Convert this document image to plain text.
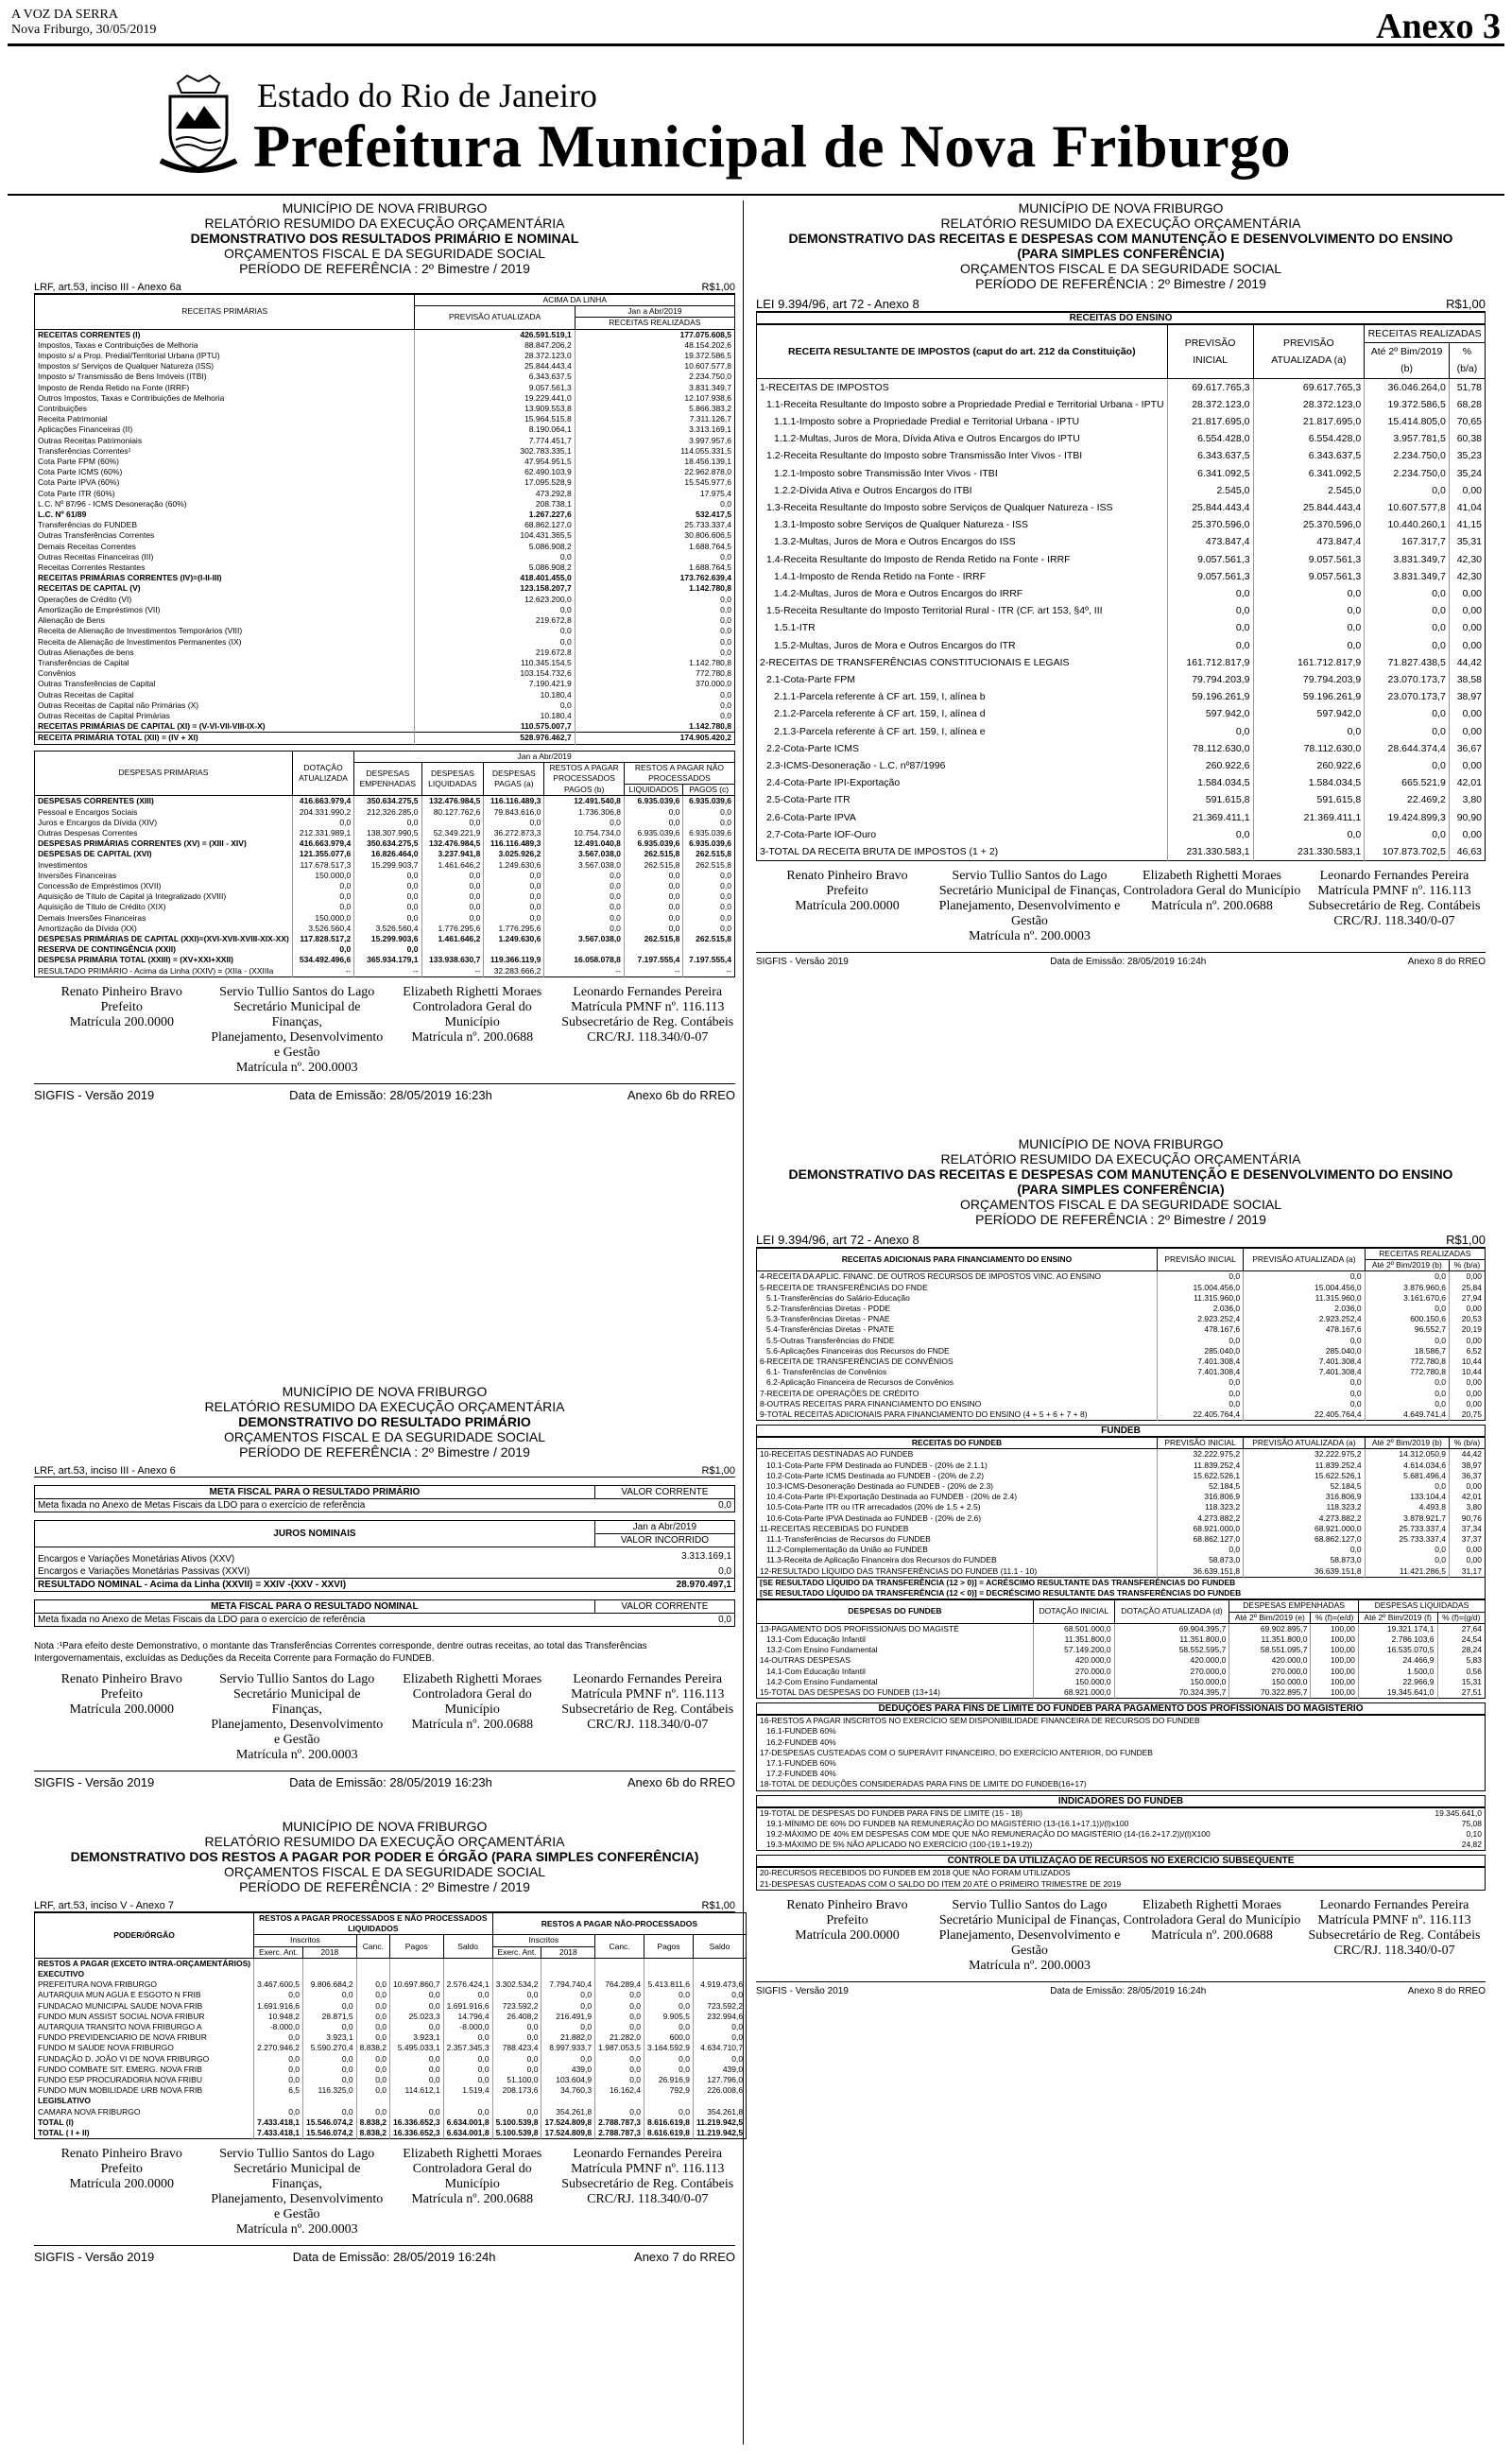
A VOZ DA SERRA
Nova Friburgo, 30/05/2019	Anexo 3
Estado do Rio de Janeiro
Prefeitura Municipal de Nova Friburgo
MUNICÍPIO DE NOVA FRIBURGO
RELATÓRIO RESUMIDO DA EXECUÇÃO ORÇAMENTÁRIA
DEMONSTRATIVO DOS RESULTADOS PRIMÁRIO E NOMINAL
ORÇAMENTOS FISCAL E DA SEGURIDADE SOCIAL
PERÍODO DE REFERÊNCIA : 2º Bimestre / 2019
LRF, art.53, inciso III - Anexo 6a	R$1,00
RECEITAS PRIMÁRIAS	ACIMA DA LINHA	
	PREVISÃO ATUALIZADA	Jan a Abr/2019
		RECEITAS REALIZADAS
RECEITAS CORRENTES (I)	426.591.519,1	177.075.608,5
Impostos, Taxas e Contribuições de Melhoria	88.847.206,2	48.154.202,6
Imposto s/ a Prop. Predial/Territorial Urbana (IPTU)	28.372.123,0	19.372.586,5
Impostos s/ Serviços de Qualquer Natureza (ISS)	25.844.443,4	10.607.577,8
Imposto s/ Transmissão de Bens Imóveis (ITBI)	6.343.637,5	2.234.750,0
Imposto de Renda Retido na Fonte (IRRF)	9.057.561,3	3.831.349,7
Outros Impostos, Taxas e Contribuições de Melhoria	19.229.441,0	12.107.938,6
Contribuições	13.909.553,8	5.866.383,2
Receita Patrimonial	15.964.515,8	7.311.126,7
Aplicações Financeiras (II)	8.190.064,1	3.313.169,1
Outras Receitas Patrimoniais	7.774.451,7	3.997.957,6
Transferências Correntes¹	302.783.335,1	114.055.331,5
Cota Parte FPM (60%)	47.954.951,5	18.456.139,1
Cota Parte ICMS (60%)	62.490.103,9	22.962.878,0
Cota Parte IPVA (60%)	17.095.528,9	15.545.977,6
Cota Parte ITR (60%)	473.292,8	17.975,4
L.C. Nº 87/96 - ICMS Desoneração (60%)	208.738,1	0,0
L.C. Nº 61/89	1.267.227,6	532.417,5
Transferências do FUNDEB	68.862.127,0	25.733.337,4
Outras Transferências Correntes	104.431.365,5	30.806.606,5
Demais Receitas Correntes	5.086.908,2	1.688.764,5
Outras Receitas Financeiras (III)	0,0	0,0
Receitas Correntes Restantes	5.086.908,2	1.688.764,5
RECEITAS PRIMÁRIAS CORRENTES (IV)=(I-II-III)	418.401.455,0	173.762.639,4
RECEITAS DE CAPITAL (V)	123.158.207,7	1.142.780,8
Operações de Crédito (VI)	12.623.200,0	0,0
Amortização de Empréstimos (VII)	0,0	0,0
Alienação de Bens	219.672,8	0,0
Receita de Alienação de Investimentos Temporários (VIII)	0,0	0,0
Receita de Alienação de Investimentos Permanentes (IX)	0,0	0,0
Outras Alienações de bens	219.672,8	0,0
Transferências de Capital	110.345.154,5	1.142.780,8
Convênios	103.154.732,6	772.780,8
Outras Transferências de Capital	7.190.421,9	370.000,0
Outras Receitas de Capital	10.180,4	0,0
Outras Receitas de Capital não Primárias (X)	0,0	0,0
Outras Receitas de Capital Primárias	10.180,4	0,0
RECEITAS PRIMÁRIAS DE CAPITAL (XI) = (V-VI-VII-VIII-IX-X)	110.575.007,7	1.142.780,8
RECEITA PRIMÁRIA TOTAL (XII) = (IV + XI)	528.976.462,7	174.905.420,2
DESPESAS PRIMÁRIAS	DOTAÇÃO ATUALIZADA	Jan a Abr/2019					
		DESPESAS EMPENHADAS	DESPESAS LIQUIDADAS	DESPESAS PAGAS (a)	RESTOS A PAGAR PROCESSADOS PAGOS (b)	RESTOS A PAGAR NÃO PROCESSADOS	
						LIQUIDADOS	PAGOS (c)
DESPESAS CORRENTES (XIII)	416.663.979,4	350.634.275,5	132.476.984,5	116.116.489,3	12.491.540,8	6.935.039,6	6.935.039,6
Pessoal e Encargos Sociais	204.331.990,2	212.326.285,0	80.127.762,6	79.843.616,0	1.736.306,8	0,0	0,0
Juros e Encargos da Dívida (XIV)	0,0	0,0	0,0	0,0	0,0	0,0	0,0
Outras Despesas Correntes	212.331.989,1	138.307.990,5	52.349.221,9	36.272.873,3	10.754.734,0	6.935.039,6	6.935.039,6
DESPESAS PRIMÁRIAS CORRENTES (XV) = (XIII - XIV)	416.663.979,4	350.634.275,5	132.476.984,5	116.116.489,3	12.491.040,8	6.935.039,6	6.935.039,6
DESPESAS DE CAPITAL (XVI)	121.355.077,6	16.826.464,0	3.237.941,8	3.025.926,2	3.567.038,0	262.515,8	262.515,8
Investimentos	117.678.517,3	15.299.903,7	1.461.646,2	1.249.630,6	3.567.038,0	262.515,8	262.515,8
Inversões Financeiras	150.000,0	0,0	0,0	0,0	0,0	0,0	0,0
Concessão de Empréstimos (XVII)	0,0	0,0	0,0	0,0	0,0	0,0	0,0
Aquisição de Título de Capital já Integralizado (XVIII)	0,0	0,0	0,0	0,0	0,0	0,0	0,0
Aquisição de Título de Crédito (XIX)	0,0	0,0	0,0	0,0	0,0	0,0	0,0
Demais Inversões Financeiras	150.000,0	0,0	0,0	0,0	0,0	0,0	0,0
Amortização da Dívida (XX)	3.526.560,4	3.526.560,4	1.776.295,6	1.776.295,6	0,0	0,0	0,0
DESPESAS PRIMÁRIAS DE CAPITAL (XXI)=(XVI-XVII-XVIII-XIX-XX)	117.828.517,2	15.299.903,6	1.461.646,2	1.249.630,6	3.567.038,0	262.515,8	262.515,8
RESERVA DE CONTINGÊNCIA (XXII)	0,0	0,0					
DESPESA PRIMÁRIA TOTAL (XXIII) = (XV+XXI+XXII)	534.492.496,6	365.934.179,1	133.938.630,7	119.366.119,9	16.058.078,8	7.197.555,4	7.197.555,4
RESULTADO PRIMÁRIO - Acima da Linha (XXIV) = (XIIa - (XXIIIa	--	--	--	32.283.666,2	--	--	--
Renato Pinheiro Bravo
Prefeito
Matrícula 200.0000
Servio Tullio Santos do Lago
Secretário Municipal de Finanças,
Planejamento, Desenvolvimento e Gestão
Matrícula nº. 200.0003
Elizabeth Righetti Moraes
Controladora Geral do Município
Matrícula nº. 200.0688
Leonardo Fernandes Pereira
Matrícula PMNF nº. 116.113
Subsecretário de Reg. Contábeis
CRC/RJ. 118.340/0-07
SIGFIS - Versão 2019	Data de Emissão: 28/05/2019 16:23h	Anexo 6b do RREO
MUNICÍPIO DE NOVA FRIBURGO
RELATÓRIO RESUMIDO DA EXECUÇÃO ORÇAMENTÁRIA
DEMONSTRATIVO DO RESULTADO PRIMÁRIO
ORÇAMENTOS FISCAL E DA SEGURIDADE SOCIAL
PERÍODO DE REFERÊNCIA : 2º Bimestre / 2019
LRF, art.53, inciso III - Anexo 6	R$1,00
META FISCAL PARA O RESULTADO PRIMÁRIO	VALOR CORRENTE
Meta fixada no Anexo de Metas Fiscais da LDO para o exercício de referência	0,0
JUROS NOMINAIS	Jan a Abr/2019
	VALOR INCORRIDO
Encargos e Variações Monetárias Ativos (XXV)	3.313.169,1
Encargos e Variações Monetárias Passivas (XXVI)	0,0
RESULTADO NOMINAL - Acima da Linha (XXVII) = XXIV -(XXV - XXVI)	28.970.497,1
META FISCAL PARA O RESULTADO NOMINAL	VALOR CORRENTE
Meta fixada no Anexo de Metas Fiscais da LDO para o exercício de referência	0,0
Nota :¹Para efeito deste Demonstrativo, o montante das Transferências Correntes corresponde, dentre outras receitas, ao total das Transferências Intergovernamentais, excluídas as Deduções da Receita Corrente para Formação do FUNDEB.
Renato Pinheiro Bravo
Prefeito
Matrícula 200.0000
Servio Tullio Santos do Lago
Secretário Municipal de Finanças,
Planejamento, Desenvolvimento e Gestão
Matrícula nº. 200.0003
Elizabeth Righetti Moraes
Controladora Geral do Município
Matrícula nº. 200.0688
Leonardo Fernandes Pereira
Matrícula PMNF nº. 116.113
Subsecretário de Reg. Contábeis
CRC/RJ. 118.340/0-07
SIGFIS - Versão 2019	Data de Emissão: 28/05/2019 16:23h	Anexo 6b do RREO
MUNICÍPIO DE NOVA FRIBURGO
RELATÓRIO RESUMIDO DA EXECUÇÃO ORÇAMENTÁRIA
DEMONSTRATIVO DOS RESTOS A PAGAR POR PODER E ÓRGÃO (PARA SIMPLES CONFERÊNCIA)
ORÇAMENTOS FISCAL E DA SEGURIDADE SOCIAL
PERÍODO DE REFERÊNCIA : 2º Bimestre / 2019
LRF, art.53, inciso V - Anexo 7	R$1,00
PODER/ÓRGÃO	RESTOS A PAGAR PROCESSADOS E NÃO PROCESSADOS LIQUIDADOS					RESTOS A PAGAR NÃO-PROCESSADOS				
	Inscritos		Canc.	Pagos	Saldo	Inscritos		Canc.	Pagos	Saldo
	Exerc. Ant.	2018				Exerc. Ant.	2018			
RESTOS A PAGAR (EXCETO INTRA-ORÇAMENTÁRIOS)										
EXECUTIVO										
PREFEITURA NOVA FRIBURGO	3.467.600,5	9.806.684,2	0,0	10.697.860,7	2.576.424,1	3.302.534,2	7.794.740,4	764.289,4	5.413.811,6	4.919.473,6
AUTARQUIA MUN AGUA E ESGOTO N FRIB	0,0	0,0	0,0	0,0	0,0	0,0	0,0	0,0	0,0	0,0
FUNDACAO MUNICIPAL SAUDE NOVA FRIB	1.691.916,6	0,0	0,0	0,0	1.691.916,6	723.592,2	0,0	0,0	0,0	723.592,2
FUNDO MUN ASSIST SOCIAL NOVA FRIBUR	10.948,2	28.871,5	0,0	25.023,3	14.796,4	26.408,2	216.491,9	0,0	9.905,5	232.994,6
AUTARQUIA TRANSITO NOVA FRIBURGO A	-8.000,0	0,0	0,0	0,0	-8.000,0	0,0	0,0	0,0	0,0	0,0
FUNDO PREVIDENCIARIO DE NOVA FRIBUR	0,0	3.923,1	0,0	3.923,1	0,0	0,0	21.882,0	21.282,0	600,0	0,0
FUNDO M SAUDE NOVA FRIBURGO	2.270.946,2	5.590.270,4	8.838,2	5.495.033,1	2.357.345,3	788.423,4	8.997.933,7	1.987.053,5	3.164.592,9	4.634.710,7
FUNDAÇÃO D. JOÃO VI DE NOVA FRIBURGO	0,0	0,0	0,0	0,0	0,0	0,0	0,0	0,0	0,0	0,0
FUNDO COMBATE SIT. EMERG. NOVA FRIB	0,0	0,0	0,0	0,0	0,0	0,0	439,0	0,0	0,0	439,0
FUNDO ESP PROCURADORIA NOVA FRIBU	0,0	0,0	0,0	0,0	0,0	51.100,0	103.604,9	0,0	26.916,9	127.796,0
FUNDO MUN MOBILIDADE URB NOVA FRIB	6,5	116.325,0	0,0	114.612,1	1.519,4	208.173,6	34.760,3	16.162,4	792,9	226.008,6
LEGISLATIVO										
CAMARA NOVA FRIBURGO	0,0	0,0	0,0	0,0	0,0	0,0	354.261,8	0,0	0,0	354.261,8
TOTAL (I)	7.433.418,1	15.546.074,2	8.838,2	16.336.652,3	6.634.001,8	5.100.539,8	17.524.809,8	2.788.787,3	8.616.619,8	11.219.942,5
TOTAL ( I + II)	7.433.418,1	15.546.074,2	8.838,2	16.336.652,3	6.634.001,8	5.100.539,8	17.524.809,8	2.788.787,3	8.616.619,8	11.219.942,5
Renato Pinheiro Bravo
Prefeito
Matrícula 200.0000
Servio Tullio Santos do Lago
Secretário Municipal de Finanças,
Planejamento, Desenvolvimento e Gestão
Matrícula nº. 200.0003
Elizabeth Righetti Moraes
Controladora Geral do Município
Matrícula nº. 200.0688
Leonardo Fernandes Pereira
Matrícula PMNF nº. 116.113
Subsecretário de Reg. Contábeis
CRC/RJ. 118.340/0-07
SIGFIS - Versão 2019	Data de Emissão: 28/05/2019 16:24h	Anexo 7 do RREO
MUNICÍPIO DE NOVA FRIBURGO
RELATÓRIO RESUMIDO DA EXECUÇÃO ORÇAMENTÁRIA
DEMONSTRATIVO DAS RECEITAS E DESPESAS COM MANUTENÇÃO E DESENVOLVIMENTO DO ENSINO
(PARA SIMPLES CONFERÊNCIA)
ORÇAMENTOS FISCAL E DA SEGURIDADE SOCIAL
PERÍODO DE REFERÊNCIA : 2º Bimestre / 2019
LEI 9.394/96, art 72 - Anexo 8	R$1,00
RECEITAS DO ENSINO
RECEITA RESULTANTE DE IMPOSTOS (caput do art. 212 da Constituição)	PREVISÃO INICIAL	PREVISÃO ATUALIZADA (a)	RECEITAS REALIZADAS	
			Até 2º Bim/2019 (b)	% (b/a)
1-RECEITAS DE IMPOSTOS	69.617.765,3	69.617.765,3	36.046.264,0	51,78
1.1-Receita Resultante do Imposto sobre a Propriedade Predial e Territorial Urbana - IPTU	28.372.123,0	28.372.123,0	19.372.586,5	68,28
1.1.1-Imposto sobre a Propriedade Predial e Territorial Urbana - IPTU	21.817.695,0	21.817.695,0	15.414.805,0	70,65
1.1.2-Multas, Juros de Mora, Dívida Ativa e Outros Encargos do IPTU	6.554.428,0	6.554.428,0	3.957.781,5	60,38
1.2-Receita Resultante do Imposto sobre Transmissão Inter Vivos - ITBI	6.343.637,5	6.343.637,5	2.234.750,0	35,23
1.2.1-Imposto sobre Transmissão Inter Vivos - ITBI	6.341.092,5	6.341.092,5	2.234.750,0	35,24
1.2.2-Dívida Ativa e Outros Encargos do ITBI	2.545,0	2.545,0	0,0	0,00
1.3-Receita Resultante do Imposto sobre Serviços de Qualquer Natureza - ISS	25.844.443,4	25.844.443,4	10.607.577,8	41,04
1.3.1-Imposto sobre Serviços de Qualquer Natureza - ISS	25.370.596,0	25.370.596,0	10.440.260,1	41,15
1.3.2-Multas, Juros de Mora e Outros Encargos do ISS	473.847,4	473.847,4	167.317,7	35,31
1.4-Receita Resultante do Imposto de Renda Retido na Fonte - IRRF	9.057.561,3	9.057.561,3	3.831.349,7	42,30
1.4.1-Imposto de Renda Retido na Fonte - IRRF	9.057.561,3	9.057.561,3	3.831.349,7	42,30
1.4.2-Multas, Juros de Mora e Outros Encargos do IRRF	0,0	0,0	0,0	0,00
1.5-Receita Resultante do Imposto Territorial Rural - ITR (CF. art 153, §4º, III	0,0	0,0	0,0	0,00
1.5.1-ITR	0,0	0,0	0,0	0,00
1.5.2-Multas, Juros de Mora e Outros Encargos do ITR	0,0	0,0	0,0	0,00
2-RECEITAS DE TRANSFERÊNCIAS CONSTITUCIONAIS E LEGAIS	161.712.817,9	161.712.817,9	71.827.438,5	44,42
2.1-Cota-Parte FPM	79.794.203,9	79.794.203,9	23.070.173,7	38,58
2.1.1-Parcela referente à CF art. 159, I, alínea b	59.196.261,9	59.196.261,9	23.070.173,7	38,97
2.1.2-Parcela referente à CF art. 159, I, alínea d	597.942,0	597.942,0	0,0	0,00
2.1.3-Parcela referente à CF art. 159, I, alínea e	0,0	0,0	0,0	0,00
2.2-Cota-Parte ICMS	78.112.630,0	78.112.630,0	28.644.374,4	36,67
2.3-ICMS-Desoneração - L.C. nº87/1996	260.922,6	260.922,6	0,0	0,00
2.4-Cota-Parte IPI-Exportação	1.584.034,5	1.584.034,5	665.521,9	42,01
2.5-Cota-Parte ITR	591.615,8	591.615,8	22.469,2	3,80
2.6-Cota-Parte IPVA	21.369.411,1	21.369.411,1	19.424.899,3	90,90
2.7-Cota-Parte IOF-Ouro	0,0	0,0	0,0	0,00
3-TOTAL DA RECEITA BRUTA DE IMPOSTOS (1 + 2)	231.330.583,1	231.330.583,1	107.873.702,5	46,63
Renato Pinheiro Bravo
Prefeito
Matrícula 200.0000
Servio Tullio Santos do Lago
Secretário Municipal de Finanças,
Planejamento, Desenvolvimento e Gestão
Matrícula nº. 200.0003
Elizabeth Righetti Moraes
Controladora Geral do Município
Matrícula nº. 200.0688
Leonardo Fernandes Pereira
Matrícula PMNF nº. 116.113
Subsecretário de Reg. Contábeis
CRC/RJ. 118.340/0-07
SIGFIS - Versão 2019	Data de Emissão: 28/05/2019 16:24h	Anexo 8 do RREO
MUNICÍPIO DE NOVA FRIBURGO
RELATÓRIO RESUMIDO DA EXECUÇÃO ORÇAMENTÁRIA
DEMONSTRATIVO DAS RECEITAS E DESPESAS COM MANUTENÇÃO E DESENVOLVIMENTO DO ENSINO
(PARA SIMPLES CONFERÊNCIA)
ORÇAMENTOS FISCAL E DA SEGURIDADE SOCIAL
PERÍODO DE REFERÊNCIA : 2º Bimestre / 2019
LEI 9.394/96, art 72 - Anexo 8	R$1,00
RECEITAS ADICIONAIS PARA FINANCIAMENTO DO ENSINO	PREVISÃO INICIAL	PREVISÃO ATUALIZADA (a)	RECEITAS REALIZADAS	
			Até 2º Bim/2019 (b)	% (b/a)
4-RECEITA DA APLIC. FINANC. DE OUTROS RECURSOS DE IMPOSTOS VINC. AO ENSINO	0,0	0,0	0,0	0,00
5-RECEITA DE TRANSFERÊNCIAS DO FNDE	15.004.456,0	15.004.456,0	3.876.960,6	25,84
5.1-Transferências do Salário-Educação	11.315.960,0	11.315.960,0	3.161.670,6	27,94
5.2-Transferências Diretas - PDDE	2.036,0	2.036,0	0,0	0,00
5.3-Transferências Diretas - PNAE	2.923.252,4	2.923.252,4	600.150,6	20,53
5.4-Transferências Diretas - PNATE	478.167,6	478.167,6	96.552,7	20,19
5.5-Outras Transferências do FNDE	0,0	0,0	0,0	0,00
5.6-Aplicações Financeiras dos Recursos do FNDE	285.040,0	285.040,0	18.586,7	6,52
6-RECEITA DE TRANSFERÊNCIAS DE CONVÊNIOS	7.401.308,4	7.401.308,4	772.780,8	10,44
6.1- Transferências de Convênios	7.401.308,4	7.401.308,4	772.780,8	10,44
6.2-Aplicação Financeira de Recursos de Convênios	0,0	0,0	0,0	0,00
7-RECEITA DE OPERAÇÕES DE CRÉDITO	0,0	0,0	0,0	0,00
8-OUTRAS RECEITAS PARA FINANCIAMENTO DO ENSINO	0,0	0,0	0,0	0,00
9-TOTAL RECEITAS ADICIONAIS PARA FINANCIAMENTO DO ENSINO (4 + 5 + 6 + 7 + 8)	22.405.764,4	22.405.764,4	4.649.741,4	20,75
FUNDEB
RECEITAS DO FUNDEB	PREVISÃO INICIAL	PREVISÃO ATUALIZADA (a)	Até 2º Bim/2019 (b)	% (b/a)
10-RECEITAS DESTINADAS AO FUNDEB	32.222.975,2	32.222.975,2	14.312.050,9	44,42
10.1-Cota-Parte FPM Destinada ao FUNDEB - (20% de 2.1.1)	11.839.252,4	11.839.252,4	4.614.034,6	38,97
10.2-Cota-Parte ICMS Destinada ao FUNDEB - (20% de 2.2)	15.622.526,1	15.622.526,1	5.681.496,4	36,37
10.3-ICMS-Desoneração Destinada ao FUNDEB - (20% de 2.3)	52.184,5	52.184,5	0,0	0,00
10.4-Cota-Parte IPI-Exportação Destinada ao FUNDEB - (20% de 2.4)	316.806,9	316.806,9	133.104,4	42,01
10.5-Cota-Parte ITR ou ITR arrecadados (20% de 1.5 + 2.5)	118.323,2	118.323,2	4.493,8	3,80
10.6-Cota-Parte IPVA Destinada ao FUNDEB - (20% de 2.6)	4.273.882,2	4.273.882,2	3.878.921,7	90,76
11-RECEITAS RECEBIDAS DO FUNDEB	68.921.000,0	68.921.000,0	25.733.337,4	37,34
11.1-Transferências de Recursos do FUNDEB	68.862.127,0	68.862.127,0	25.733.337,4	37,37
11.2-Complementação da União ao FUNDEB	0,0	0,0	0,0	0,00
11.3-Receita de Aplicação Financeira dos Recursos do FUNDEB	58.873,0	58.873,0	0,0	0,00
12-RESULTADO LÍQUIDO DAS TRANSFERÊNCIAS DO FUNDEB (11.1 - 10)	36.639.151,8	36.639.151,8	11.421.286,5	31,17
[SE RESULTADO LÍQUIDO DA TRANSFERÊNCIA (12 > 0)] = ACRÉSCIMO RESULTANTE DAS TRANSFERÊNCIAS DO FUNDEB				
[SE RESULTADO LÍQUIDO DA TRANSFERÊNCIA (12 < 0)] = DECRÉSCIMO RESULTANTE DAS TRANSFERÊNCIAS DO FUNDEB				
DESPESAS DO FUNDEB	DOTAÇÃO INICIAL	DOTAÇÃO ATUALIZADA (d)	DESPESAS EMPENHADAS		DESPESAS LIQUIDADAS	
			Até 2º Bim/2019 (e)	% (f)=(e/d)	Até 2º Bim/2019 (f)	% (f)=(g/d)
13-PAGAMENTO DOS PROFISSIONAIS DO MAGISTÉ	68.501.000,0	69.904.395,7	69.902.895,7	100,00	19.321.174,1	27,64
13.1-Com Educação Infantil	11.351.800,0	11.351.800,0	11.351.800,0	100,00	2.786.103,6	24,54
13.2-Com Ensino Fundamental	57.149.200,0	58.552.595,7	58.551.095,7	100,00	16.535.070,5	28,24
14-OUTRAS DESPESAS	420.000,0	420.000,0	420.000,0	100,00	24.466,9	5,83
14.1-Com Educação Infantil	270.000,0	270.000,0	270.000,0	100,00	1.500,0	0,56
14.2-Com Ensino Fundamental	150.000,0	150.000,0	150.000,0	100,00	22.966,9	15,31
15-TOTAL DAS DESPESAS DO FUNDEB (13+14)	68.921.000,0	70.324.395,7	70.322.895,7	100,00	19.345.641,0	27,51
DEDUÇÕES PARA FINS DE LIMITE DO FUNDEB PARA PAGAMENTO DOS PROFISSIONAIS DO MAGISTÉRIO
16-RESTOS A PAGAR INSCRITOS NO EXERCÍCIO SEM DISPONIBILIDADE FINANCEIRA DE RECURSOS DO FUNDEB	
16.1-FUNDEB 60%	
16.2-FUNDEB 40%	
17-DESPESAS CUSTEADAS COM O SUPERÁVIT FINANCEIRO, DO EXERCÍCIO ANTERIOR, DO FUNDEB	
17.1-FUNDEB 60%	
17.2-FUNDEB 40%	
18-TOTAL DE DEDUÇÕES CONSIDERADAS PARA FINS DE LIMITE DO FUNDEB(16+17)	
INDICADORES DO FUNDEB
19-TOTAL DE DESPESAS DO FUNDEB PARA FINS DE LIMITE (15 - 18)	19.345.641,0
19.1-MÍNIMO DE 60% DO FUNDEB NA REMUNERAÇÃO DO MAGISTÉRIO (13-(16.1+17.1))/(l)x100	75,08
19.2-MÁXIMO DE 40% EM DESPESAS COM MDE QUE NÃO REMUNERAÇÃO DO MAGISTÉRIO (14-(16.2+17.2))/(l)X100	0,10
19.3-MÁXIMO DE 5% NÃO APLICADO NO EXERCÍCIO (100-(19.1+19.2))	24,82
CONTROLE DA UTILIZAÇÃO DE RECURSOS NO EXERCÍCIO SUBSEQUENTE
20-RECURSOS RECEBIDOS DO FUNDEB EM 2018 QUE NÃO FORAM UTILIZADOS	
21-DESPESAS CUSTEADAS COM O SALDO DO ITEM 20 ATÉ O PRIMEIRO TRIMESTRE DE 2019	
Renato Pinheiro Bravo
Prefeito
Matrícula 200.0000
Servio Tullio Santos do Lago
Secretário Municipal de Finanças,
Planejamento, Desenvolvimento e Gestão
Matrícula nº. 200.0003
Elizabeth Righetti Moraes
Controladora Geral do Município
Matrícula nº. 200.0688
Leonardo Fernandes Pereira
Matrícula PMNF nº. 116.113
Subsecretário de Reg. Contábeis
CRC/RJ. 118.340/0-07
SIGFIS - Versão 2019	Data de Emissão: 28/05/2019 16:24h	Anexo 8 do RREO
